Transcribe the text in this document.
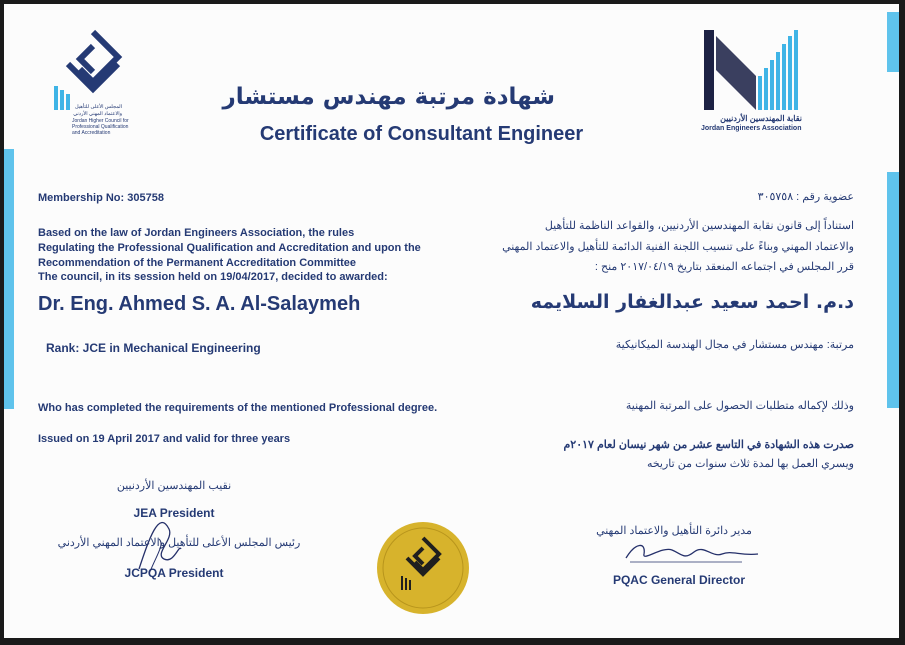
المجلس الأعلى للتأهيل
والاعتماد المهني الأردني
Jordan Higher Council for
Professional Qualification
and Accreditation
نقابة المهندسين الأردنيين
Jordan Engineers Association
شهادة مرتبة مهندس مستشار
Certificate of Consultant Engineer
Membership No: 305758	عضوية رقم : ٣٠٥٧٥٨
Based on the law of Jordan Engineers Association, the rules
Regulating the Professional Qualification and Accreditation and upon the
Recommendation of the Permanent Accreditation Committee
The council, in its session held on 19/04/2017, decided to awarded:
استناداً إلى قانون نقابة المهندسين الأردنيين، والقواعد الناظمة للتأهيل
والاعتماد المهني وبناءً على تنسيب اللجنة الفنية الدائمة للتأهيل والاعتماد المهني
قرر المجلس في اجتماعه المنعقد بتاريخ ٢٠١٧/٠٤/١٩ منح :
Dr. Eng. Ahmed S. A. Al-Salaymeh	د.م. احمد سعيد عبدالغفار السلايمه
Rank: JCE in Mechanical Engineering	مرتبة: مهندس مستشار في مجال الهندسة الميكانيكية
Who has completed the requirements of the mentioned Professional degree.	وذلك لإكماله متطلبات الحصول على المرتبة المهنية
Issued on 19 April 2017 and valid for three years	صدرت هذه الشهادة في التاسع عشر من شهر نيسان لعام ٢٠١٧م
ويسري العمل بها لمدة ثلاث سنوات من تاريخه
نقيب المهندسين الأردنيين
JEA President
رئيس المجلس الأعلى للتأهيل والاعتماد المهني الأردني
JCPQA President
مدير دائرة التأهيل والاعتماد المهني
PQAC General Director
